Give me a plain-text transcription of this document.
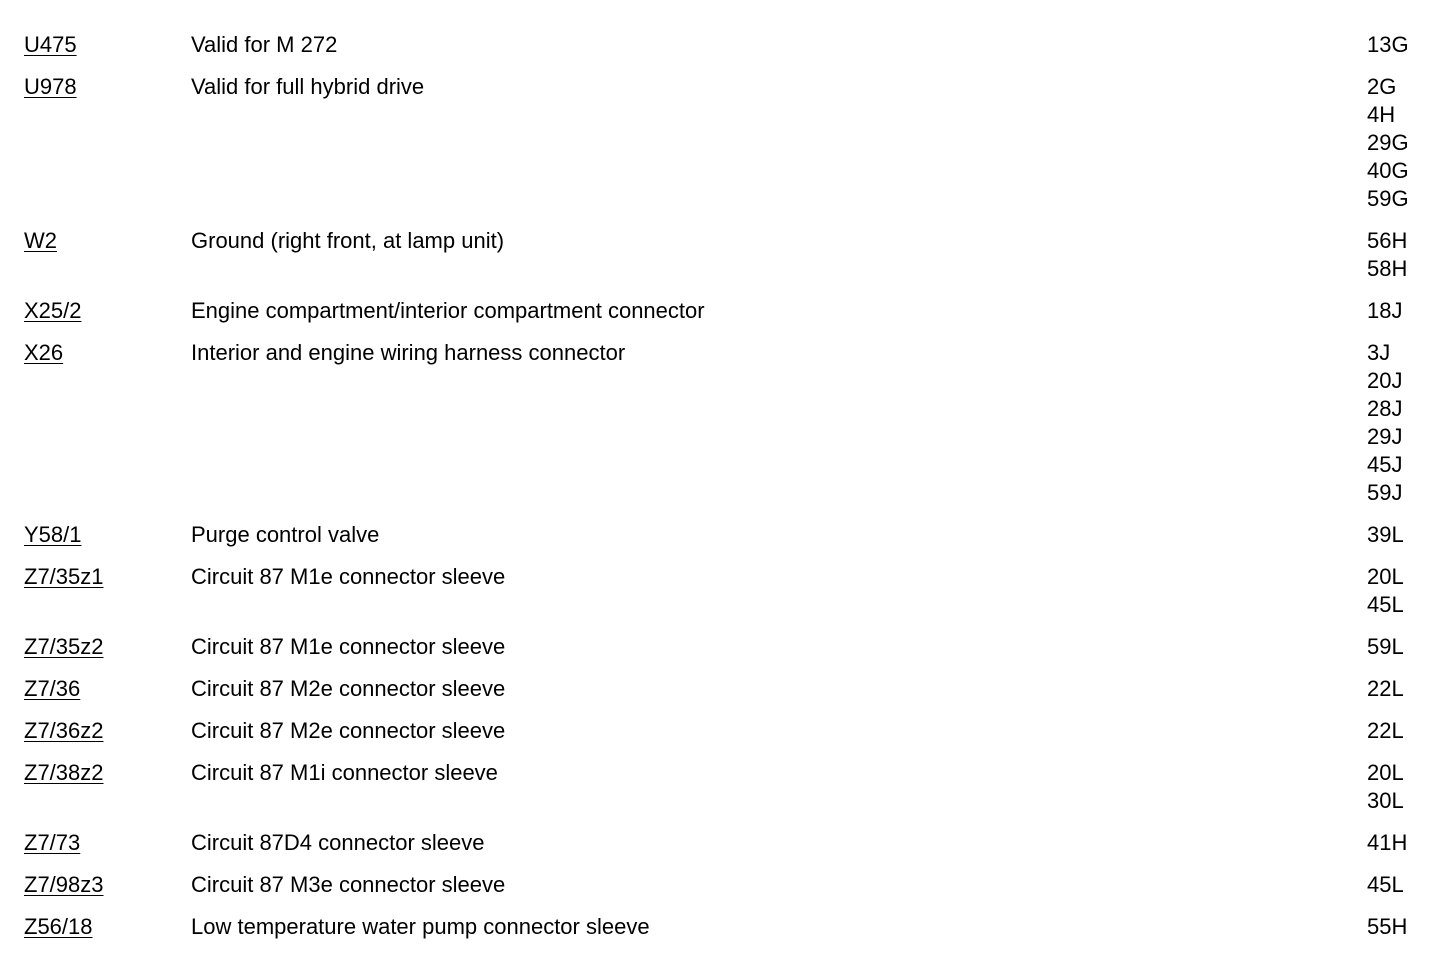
U475	Valid for M 272	13G
U978	Valid for full hybrid drive	2G
4H
29G
40G
59G
W2	Ground (right front, at lamp unit)	56H
58H
X25/2	Engine compartment/interior compartment connector	18J
X26	Interior and engine wiring harness connector	3J
20J
28J
29J
45J
59J
Y58/1	Purge control valve	39L
Z7/35z1	Circuit 87 M1e connector sleeve	20L
45L
Z7/35z2	Circuit 87 M1e connector sleeve	59L
Z7/36	Circuit 87 M2e connector sleeve	22L
Z7/36z2	Circuit 87 M2e connector sleeve	22L
Z7/38z2	Circuit 87 M1i connector sleeve	20L
30L
Z7/73	Circuit 87D4 connector sleeve	41H
Z7/98z3	Circuit 87 M3e connector sleeve	45L
Z56/18	Low temperature water pump connector sleeve	55H
